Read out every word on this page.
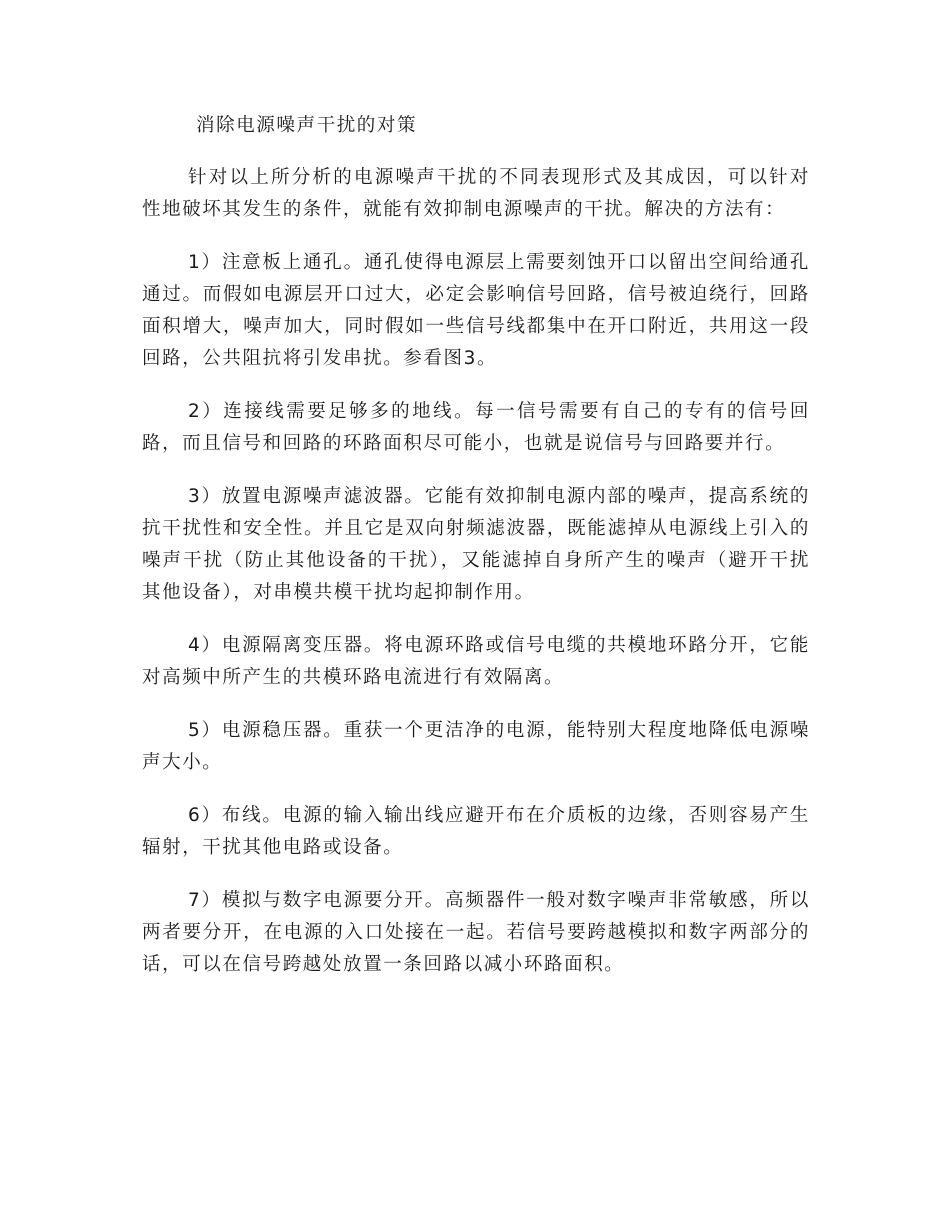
消除电源噪声干扰的对策

针对以上所分析的电源噪声干扰的不同表现形式及其成因，可以针对性地破坏其发生的条件，就能有效抑制电源噪声的干扰。解决的方法有：

1）注意板上通孔。通孔使得电源层上需要刻蚀开口以留出空间给通孔通过。而假如电源层开口过大，必定会影响信号回路，信号被迫绕行，回路面积增大，噪声加大，同时假如一些信号线都集中在开口附近，共用这一段回路，公共阻抗将引发串扰。参看图3。

2）连接线需要足够多的地线。每一信号需要有自己的专有的信号回路，而且信号和回路的环路面积尽可能小，也就是说信号与回路要并行。

3）放置电源噪声滤波器。它能有效抑制电源内部的噪声，提高系统的抗干扰性和安全性。并且它是双向射频滤波器，既能滤掉从电源线上引入的噪声干扰（防止其他设备的干扰），又能滤掉自身所产生的噪声（避开干扰其他设备），对串模共模干扰均起抑制作用。

4）电源隔离变压器。将电源环路或信号电缆的共模地环路分开，它能对高频中所产生的共模环路电流进行有效隔离。

5）电源稳压器。重获一个更洁净的电源，能特别大程度地降低电源噪声大小。

6）布线。电源的输入输出线应避开布在介质板的边缘，否则容易产生辐射，干扰其他电路或设备。

7）模拟与数字电源要分开。高频器件一般对数字噪声非常敏感，所以两者要分开，在电源的入口处接在一起。若信号要跨越模拟和数字两部分的话，可以在信号跨越处放置一条回路以减小环路面积。
